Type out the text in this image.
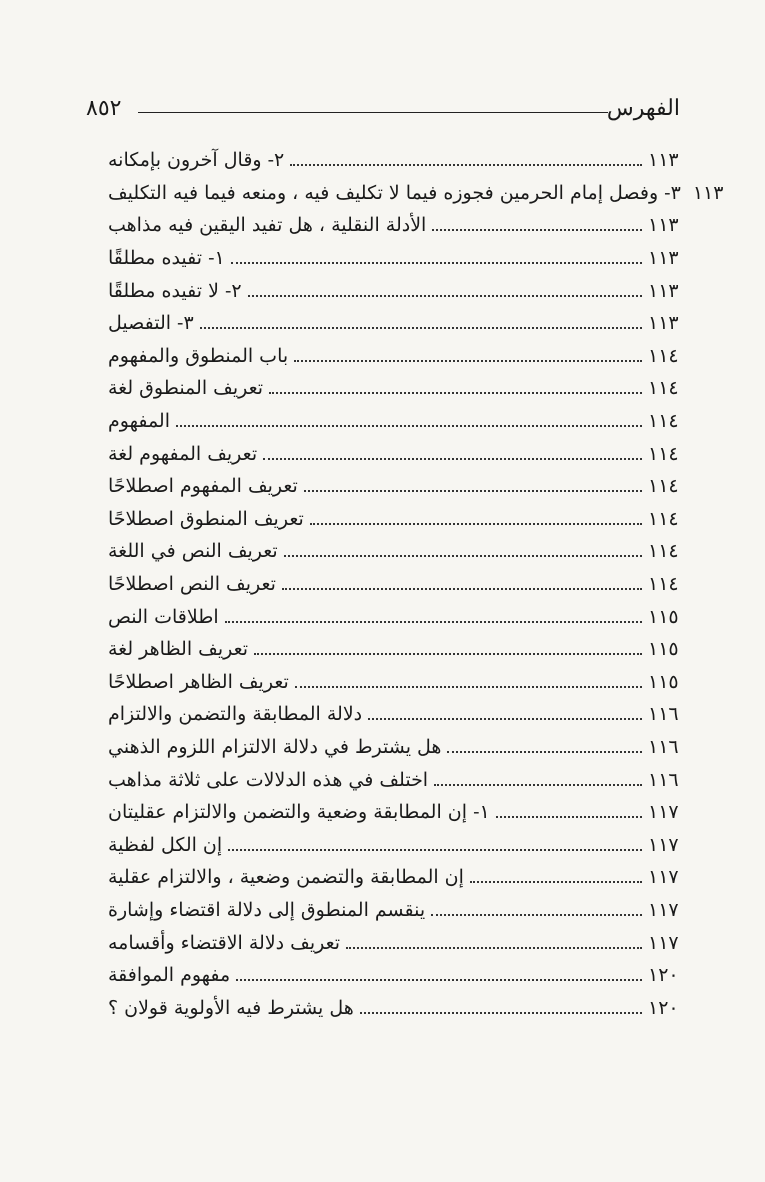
٨٥٢	الفهرس
٢- وقال آخرون بإمكانه	١١٣
٣- وفصل إمام الحرمين فجوزه فيما لا تكليف فيه ، ومنعه فيما فيه التكليف ١١٣
الأدلة النقلية ، هل تفيد اليقين فيه مذاهب	١١٣
١- تفيده مطلقًا	١١٣
٢- لا تفيده مطلقًا	١١٣
٣- التفصيل	١١٣
باب المنطوق والمفهوم	١١٤
تعريف المنطوق لغة	١١٤
المفهوم	١١٤
تعريف المفهوم لغة	١١٤
تعريف المفهوم اصطلاحًا	١١٤
تعريف المنطوق اصطلاحًا	١١٤
تعريف النص في اللغة	١١٤
تعريف النص اصطلاحًا	١١٤
اطلاقات النص	١١٥
تعريف الظاهر لغة	١١٥
تعريف الظاهر اصطلاحًا	١١٥
دلالة المطابقة والتضمن والالتزام	١١٦
هل يشترط في دلالة الالتزام اللزوم الذهني	١١٦
اختلف في هذه الدلالات على ثلاثة مذاهب	١١٦
١- إن المطابقة وضعية والتضمن والالتزام عقليتان	١١٧
إن الكل لفظية	١١٧
إن المطابقة والتضمن وضعية ، والالتزام عقلية	١١٧
ينقسم المنطوق إلى دلالة اقتضاء وإشارة	١١٧
تعريف دلالة الاقتضاء وأقسامه	١١٧
مفهوم الموافقة	١٢٠
هل يشترط فيه الأولوية قولان ؟	١٢٠
